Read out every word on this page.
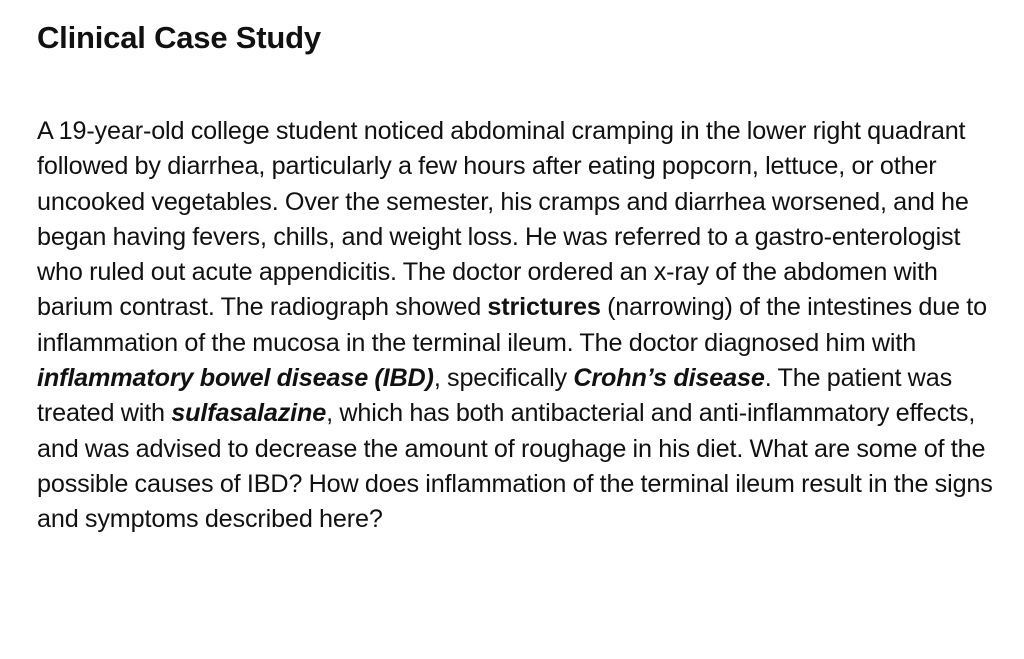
Clinical Case Study

A 19-year-old college student noticed abdominal cramping in the lower right quadrant followed by diarrhea, particularly a few hours after eating popcorn, lettuce, or other uncooked vegetables. Over the semester, his cramps and diarrhea worsened, and he began having fevers, chills, and weight loss. He was referred to a gastro-enterologist who ruled out acute appendicitis. The doctor ordered an x-ray of the abdomen with barium contrast. The radiograph showed strictures (narrowing) of the intestines due to inflammation of the mucosa in the terminal ileum. The doctor diagnosed him with inflammatory bowel disease (IBD), specifically Crohn’s disease. The patient was treated with sulfasalazine, which has both antibacterial and anti-inflammatory effects, and was advised to decrease the amount of roughage in his diet. What are some of the possible causes of IBD? How does inflammation of the terminal ileum result in the signs and symptoms described here?
